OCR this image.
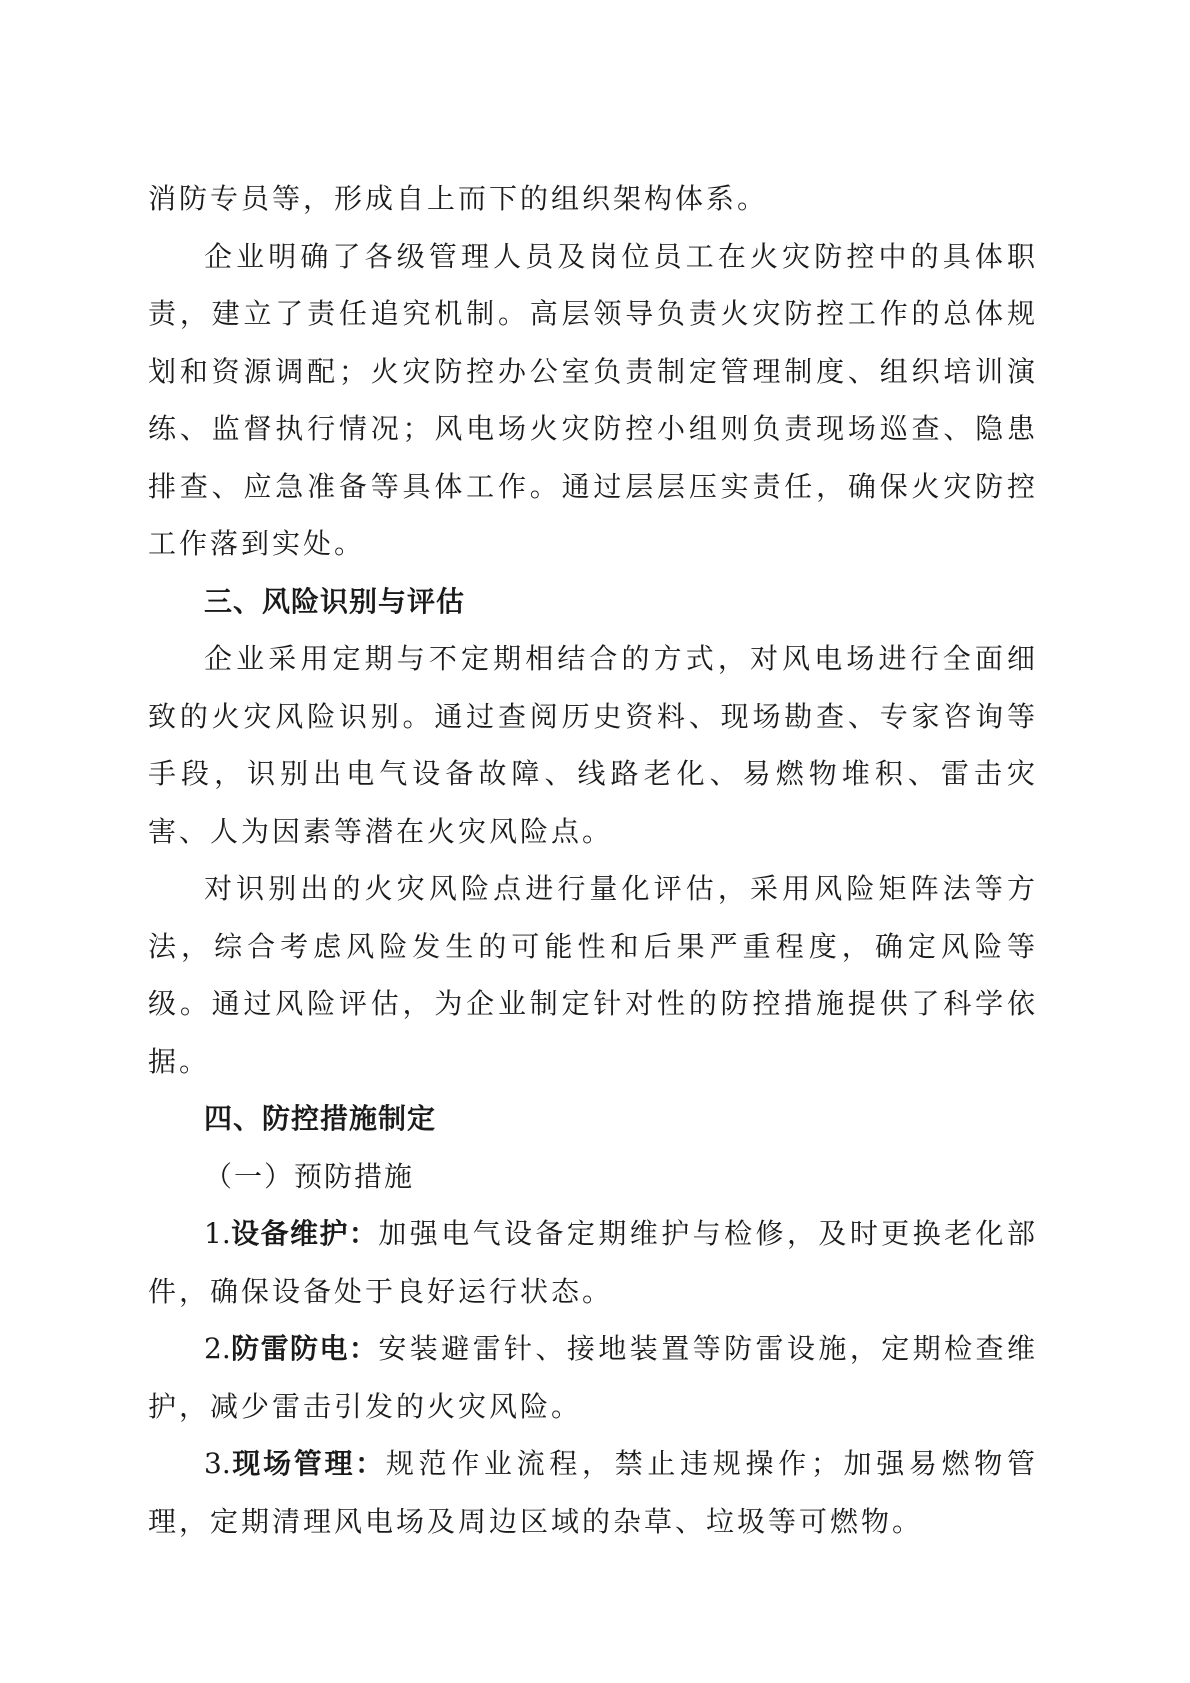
消防专员等，形成自上而下的组织架构体系。

企业明确了各级管理人员及岗位员工在火灾防控中的具体职责，建立了责任追究机制。高层领导负责火灾防控工作的总体规划和资源调配；火灾防控办公室负责制定管理制度、组织培训演练、监督执行情况；风电场火灾防控小组则负责现场巡查、隐患排查、应急准备等具体工作。通过层层压实责任，确保火灾防控工作落到实处。

三、风险识别与评估

企业采用定期与不定期相结合的方式，对风电场进行全面细致的火灾风险识别。通过查阅历史资料、现场勘查、专家咨询等手段，识别出电气设备故障、线路老化、易燃物堆积、雷击灾害、人为因素等潜在火灾风险点。

对识别出的火灾风险点进行量化评估，采用风险矩阵法等方法，综合考虑风险发生的可能性和后果严重程度，确定风险等级。通过风险评估，为企业制定针对性的防控措施提供了科学依据。

四、防控措施制定

（一）预防措施

1.设备维护：加强电气设备定期维护与检修，及时更换老化部件，确保设备处于良好运行状态。

2.防雷防电：安装避雷针、接地装置等防雷设施，定期检查维护，减少雷击引发的火灾风险。

3.现场管理：规范作业流程，禁止违规操作；加强易燃物管理，定期清理风电场及周边区域的杂草、垃圾等可燃物。
